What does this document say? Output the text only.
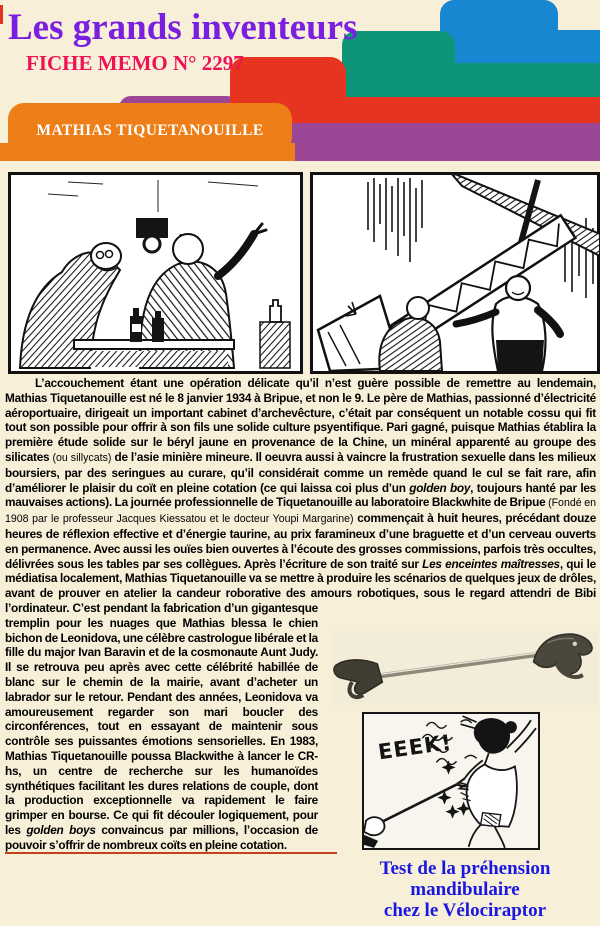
Les grands inventeurs
FICHE MEMO N° 2297
MATHIAS TIQUETANOUILLE

L’accouchement étant une opération délicate qu’il n’est guère possible de remettre au lendemain, Mathias Tiquetanouille est né le 8 janvier 1934 à Bripue, et non le 9. Le père de Mathias, passionné d’électricité aéroportuaire, dirigeait un important cabinet d’archevêcture, c’était par conséquent un notable cossu qui fit tout son possible pour offrir à son fils une solide culture psyentifique. Pari gagné, puisque Mathias établira la première étude solide sur le béryl jaune en provenance de la Chine, un minéral apparenté au groupe des silicates (ou sillycats) de l’asie minière mineure. Il oeuvra aussi à vaincre la frustration sexuelle dans les milieux boursiers, par des seringues au curare, qu’il considérait comme un remède quand le cul se fait rare, afin d’améliorer le plaisir du coït en pleine cotation (ce qui laissa coi plus d’un golden boy, toujours hanté par les mauvaises actions). La journée professionnelle de Tiquetanouille au laboratoire Blackwhite de Bripue (Fondé en 1908 par le professeur Jacques Kiessatou et le docteur Youpi Margarine) commençait à huit heures, précédant douze heures de réflexion effective et d’énergie taurine, au prix faramineux d’une braguette et d’un cerveau ouverts en permanence. Avec aussi les ouïes bien ouvertes à l’écoute des grosses commissions, parfois très occultes, délivrées sous les tables par ses collègues. Après l’écriture de son traité sur Les enceintes maîtresses, qui le médiatisa localement, Mathias Tiquetanouille va se mettre à produire les scénarios de quelques jeux de drôles, avant de prouver en atelier la candeur roborative des amours robotiques, sous le regard attendri de
Bibi l’ordinateur. C’est pendant la fabrication d’un gigantesque tremplin pour les nuages que Mathias blessa le chien bichon de Leonidova, une célèbre castrologue libérale et la fille du major Ivan Baravin et de la cosmonaute Aunt Judy. Il se retrouva peu après avec cette célébrité habillée de blanc sur le chemin de la mairie, avant d’acheter un labrador sur le retour. Pendant des années, Leonidova va amoureusement regarder son mari boucler des circonférences, tout en essayant de maintenir sous contrôle ses puissantes émotions sensorielles. En 1983, Mathias Tiquetanouille poussa Blackwithe à lancer le CR-hs, un centre de recherche sur les humanoïdes synthétiques facilitant les dures relations de couple, dont la production exceptionnelle va rapidement le faire grimper en bourse. Ce qui fit découler logiquement, pour les golden boys convaincus par millions, l’occasion de pouvoir s’offrir de nombreux coïts en pleine cotation.

EEEK!
Test de la préhension mandibulaire
chez le Vélociraptor
